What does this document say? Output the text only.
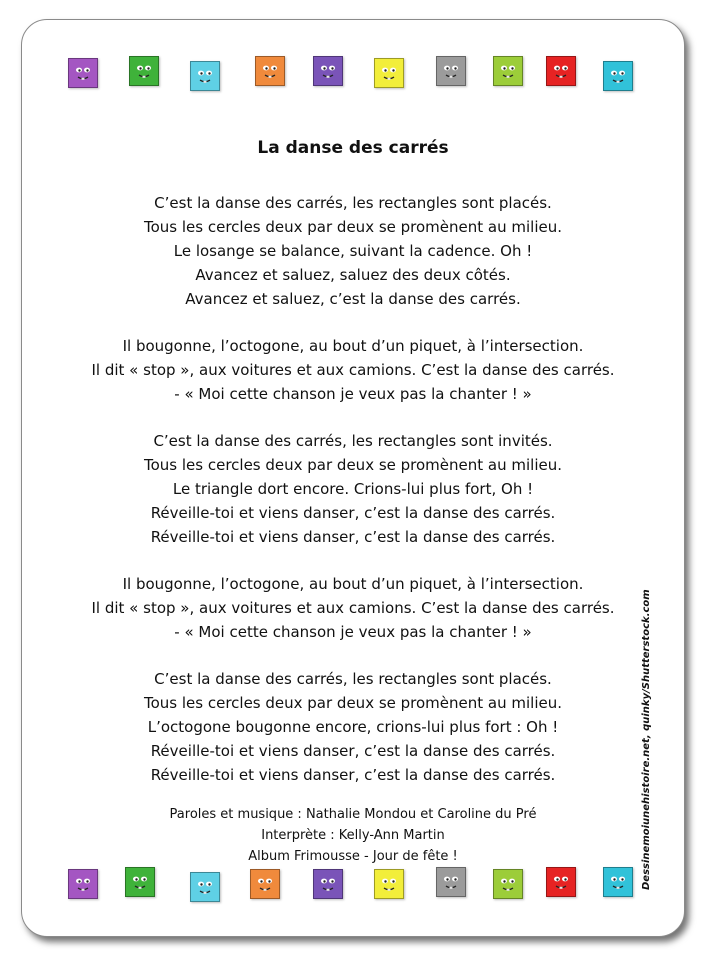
La danse des carrés
C’est la danse des carrés, les rectangles sont placés.
Tous les cercles deux par deux se promènent au milieu.
Le losange se balance, suivant la cadence. Oh !
Avancez et saluez, saluez des deux côtés.
Avancez et saluez, c’est la danse des carrés.
Il bougonne, l’octogone, au bout d’un piquet, à l’intersection.
Il dit « stop », aux voitures et aux camions. C’est la danse des carrés.
- « Moi cette chanson je veux pas la chanter ! »
C’est la danse des carrés, les rectangles sont invités.
Tous les cercles deux par deux se promènent au milieu.
Le triangle dort encore. Crions-lui plus fort, Oh !
Réveille-toi et viens danser, c’est la danse des carrés.
Réveille-toi et viens danser, c’est la danse des carrés.
Il bougonne, l’octogone, au bout d’un piquet, à l’intersection.
Il dit « stop », aux voitures et aux camions. C’est la danse des carrés.
- « Moi cette chanson je veux pas la chanter ! »
C’est la danse des carrés, les rectangles sont placés.
Tous les cercles deux par deux se promènent au milieu.
L’octogone bougonne encore, crions-lui plus fort : Oh !
Réveille-toi et viens danser, c’est la danse des carrés.
Réveille-toi et viens danser, c’est la danse des carrés.
Paroles et musique : Nathalie Mondou et Caroline du Pré
Interprète : Kelly-Ann Martin
Album Frimousse - Jour de fête !	Dessinemoiunehistoire.net, quinky/Shutterstock.com
